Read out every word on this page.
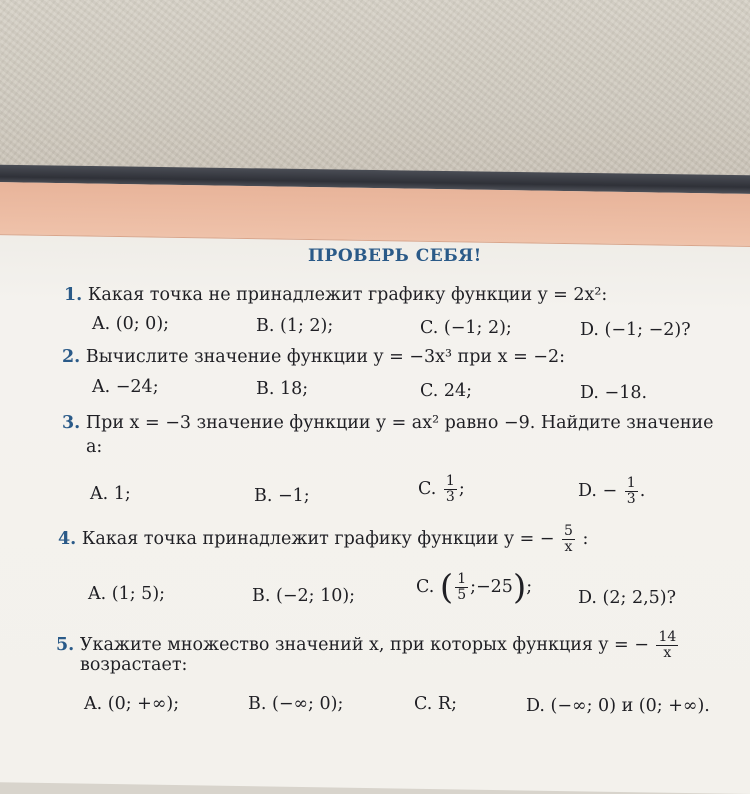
ПРОВЕРЬ СЕБЯ!
1. Какая точка не принадлежит графику функции y = 2x²:
A. (0; 0);	B. (1; 2);	C. (−1; 2);	D. (−1; −2)?
2. Вычислите значение функции y = −3x³ при x = −2:
A. −24;	B. 18;	C. 24;	D. −18.
3. При x = −3 значение функции y = ax² равно −9. Найдите значение
a:
A. 1;	B. −1;	C. $\frac{1}{3}$ ;	D. − $\frac{1}{3}$ .
4. Какая точка принадлежит графику функции y = − $\frac{5}{x}$ :
A. (1; 5);	B. (−2; 10);	C. ( $\frac{1}{5}$ ;−25);
D. (2; 2,5)?
5. Укажите множество значений x, при которых функция y = − $\frac{14}{x}$
возрастает:
A. (0; +∞);	B. (−∞; 0);	C. R;	D. (−∞; 0) и (0; +∞).
